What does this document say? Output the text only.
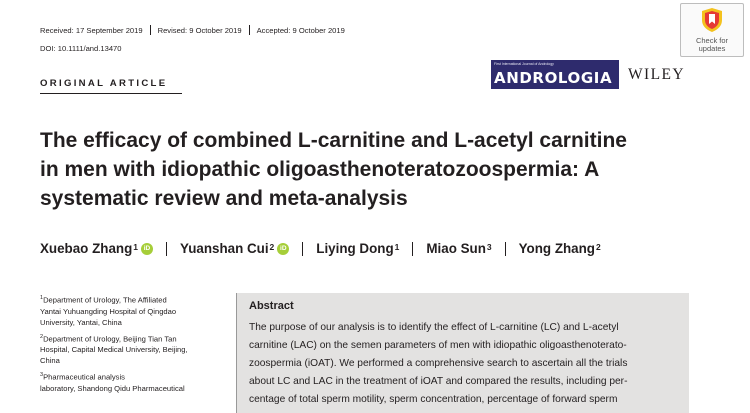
Received: 17 September 2019 Revised: 9 October 2019 Accepted: 9 October 2019
DOI: 10.1111/and.13470
ORIGINAL ARTICLE
Check for
updates
First International Journal of Andrology
ANDROLOGIA WILEY
The efficacy of combined L-carnitine and L-acetyl carnitine
in men with idiopathic oligoasthenoteratozoospermia: A
systematic review and meta-analysis
Xuebao Zhang$^1$ iD Yuanshan Cui$^2$ iD Liying Dong$^1$ Miao Sun$^3$ Yong Zhang$^2$

$^1$Department of Urology, The Affiliated
Yantai Yuhuangding Hospital of Qingdao
University, Yantai, China

$^2$Department of Urology, Beijing Tian Tan
Hospital, Capital Medical University, Beijing,
China

$^3$Pharmaceutical analysis
laboratory, Shandong Qidu Pharmaceutical

Abstract

The purpose of our analysis is to identify the effect of L-carnitine (LC) and L-acetyl
carnitine (LAC) on the semen parameters of men with idiopathic oligoasthenoterato-
zoospermia (iOAT). We performed a comprehensive search to ascertain all the trials
about LC and LAC in the treatment of iOAT and compared the results, including per-
centage of total sperm motility, sperm concentration, percentage of forward sperm
